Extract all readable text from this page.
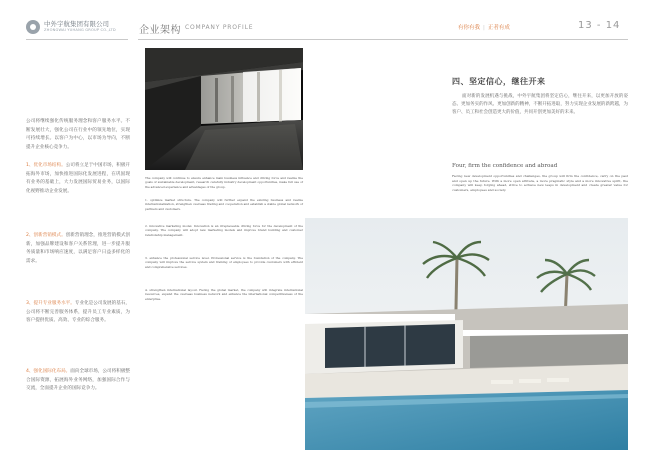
中外宇航集团有限公司
ZHONGWAI YUHANG GROUP CO.,LTD 企业架构 COMPANY PROFILE	有你有我 | 正者有成	13 - 14

公司将继续强化传统服务理念和客户服务水平。不断发展壮大，强化公司在行业中的领先地位，实现可持续增长。以客户为中心，以市场为导向，不断提升企业核心竞争力。

1、优化市场结构。公司将立足于中国市场，积极开拓海外市场，加快推进国际化发展进程，在巩固现有业务的基础上，大力发展国际贸易业务，以国际化视野推动企业发展。

2、创新营销模式。创新营销理念，推进营销模式创新，加强品牌建设和客户关系管理，进一步提升服务质量和市场响应速度，以满足客户日益多样化的需求。

3、提升专业服务水平。专业化是公司发展的基石，公司将不断完善服务体系，提升员工专业素质，为客户提供优质、高效、专业的综合服务。

4、强化国际化布局。面向全球市场，公司将积极整合国际资源，拓展海外业务网络，加强国际合作与交流，全面提升企业的国际竞争力。

The company will continue to ensure enhance main business influence and driving force and realize the goals of sustainable development, research carefully industry development opportunities, make full use of the advanced experience and advantages of the group.

1. optimize market structure. The company will further expand the existing business and realize internationalization, strengthen overseas trading and cooperation and establish a stable global network of partners and customers.

2. innovative marketing model. Innovation is an irreplaceable driving force for the development of the company. The company will adopt new marketing models and improve brand building and customer relationship management.

3. enhance the professional service level. Professional service is the foundation of the company. The company will improve the service system and training of employees to provide customers with efficient and comprehensive services.

4. strengthen international layout. Facing the global market, the company will integrate international resources, expand the overseas business network and enhance the international competitiveness of the enterprise.

四、坚定信心，继往开来

面对新的发展机遇与挑战，中外宇航集团将坚定信心，继往开来，以更加开放的姿态、更加务实的作风、更加创新的精神，不断开拓进取，努力实现企业发展的新跨越，为客户、员工和社会创造更大的价值，共同开创更加美好的未来。

Four, firm the confidence and abroad

Facing new development opportunities and challenges, the group will firm the confidence, carry on the past and open up the future. With a more open attitude, a more pragmatic style and a more innovative spirit, the company will keep forging ahead, strive to achieve new leaps in development and create greater value for customers, employees and society.
